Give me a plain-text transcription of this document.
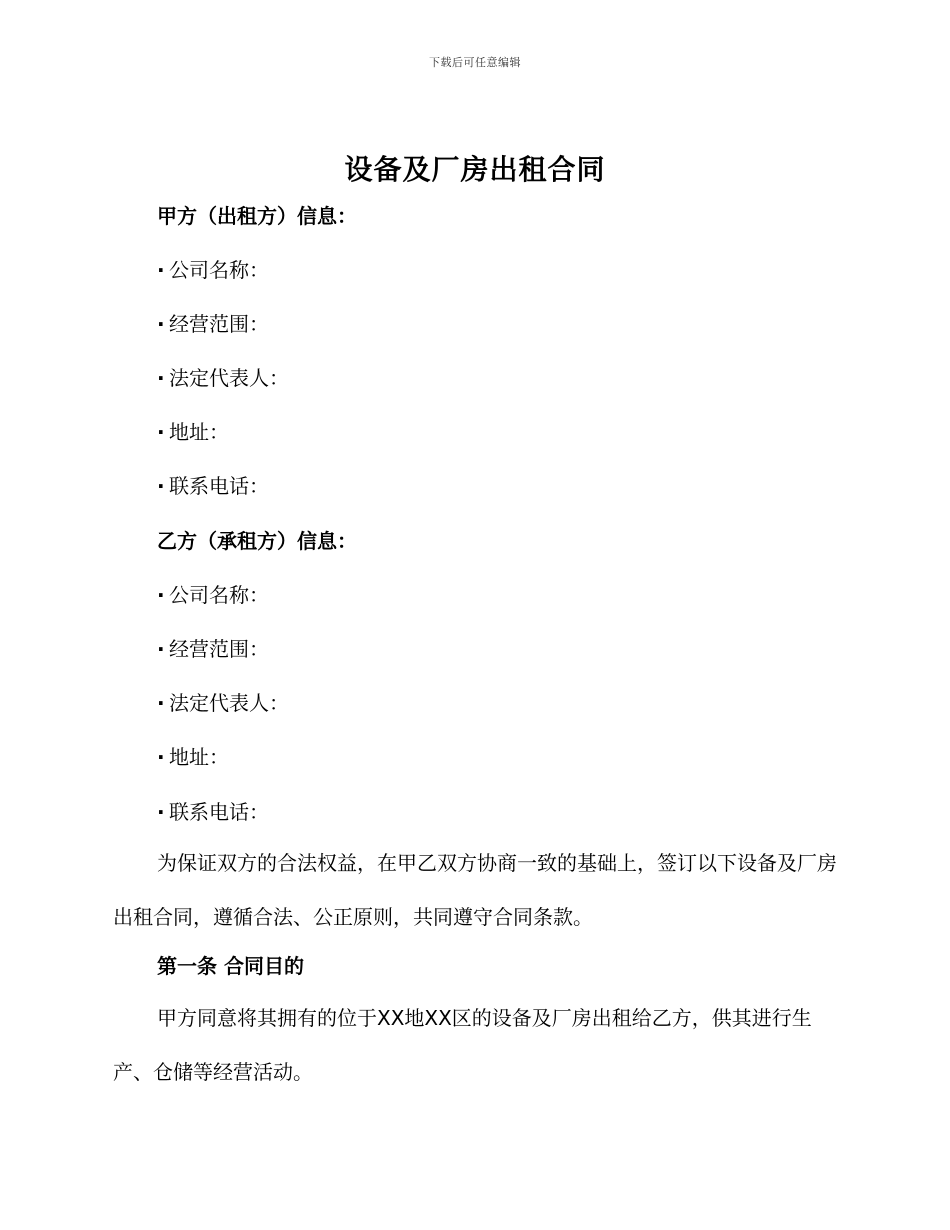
下载后可任意编辑
设备及厂房出租合同
甲方（出租方）信息：
· 公司名称：
· 经营范围：
· 法定代表人：
· 地址：
· 联系电话：
乙方（承租方）信息：
· 公司名称：
· 经营范围：
· 法定代表人：
· 地址：
· 联系电话：
为保证双方的合法权益，在甲乙双方协商一致的基础上，签订以下设备及厂房出租合同，遵循合法、公正原则，共同遵守合同条款。
第一条 合同目的
甲方同意将其拥有的位于XX地XX区的设备及厂房出租给乙方，供其进行生产、仓储等经营活动。
